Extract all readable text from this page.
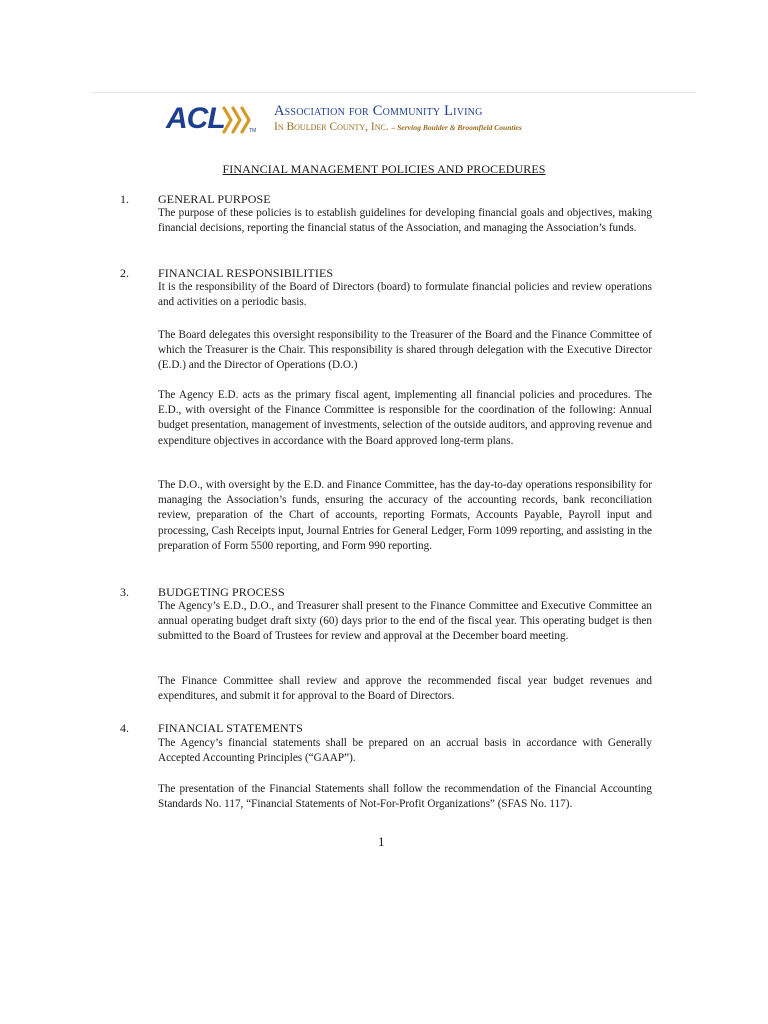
ACL	TM
Association for Community Living
In Boulder County, Inc. – Serving Boulder & Broomfield Counties
FINANCIAL MANAGEMENT POLICIES AND PROCEDURES
1. GENERAL PURPOSE
The purpose of these policies is to establish guidelines for developing financial goals and objectives, making financial decisions, reporting the financial status of the Association, and managing the Association’s funds.
2. FINANCIAL RESPONSIBILITIES
It is the responsibility of the Board of Directors (board) to formulate financial policies and review operations and activities on a periodic basis.
The Board delegates this oversight responsibility to the Treasurer of the Board and the Finance Committee of which the Treasurer is the Chair. This responsibility is shared through delegation with the Executive Director (E.D.) and the Director of Operations (D.O.)
The Agency E.D. acts as the primary fiscal agent, implementing all financial policies and procedures. The E.D., with oversight of the Finance Committee is responsible for the coordination of the following: Annual budget presentation, management of investments, selection of the outside auditors, and approving revenue and expenditure objectives in accordance with the Board approved long-term plans.
The D.O., with oversight by the E.D. and Finance Committee, has the day-to-day operations responsibility for managing the Association’s funds, ensuring the accuracy of the accounting records, bank reconciliation review, preparation of the Chart of accounts, reporting Formats, Accounts Payable, Payroll input and processing, Cash Receipts input, Journal Entries for General Ledger, Form 1099 reporting, and assisting in the preparation of Form 5500 reporting, and Form 990 reporting.
3. BUDGETING PROCESS
The Agency’s E.D., D.O., and Treasurer shall present to the Finance Committee and Executive Committee an annual operating budget draft sixty (60) days prior to the end of the fiscal year. This operating budget is then submitted to the Board of Trustees for review and approval at the December board meeting.
The Finance Committee shall review and approve the recommended fiscal year budget revenues and expenditures, and submit it for approval to the Board of Directors.
4. FINANCIAL STATEMENTS
The Agency’s financial statements shall be prepared on an accrual basis in accordance with Generally Accepted Accounting Principles (“GAAP”).
The presentation of the Financial Statements shall follow the recommendation of the Financial Accounting Standards No. 117, “Financial Statements of Not-For-Profit Organizations” (SFAS No. 117).
1
